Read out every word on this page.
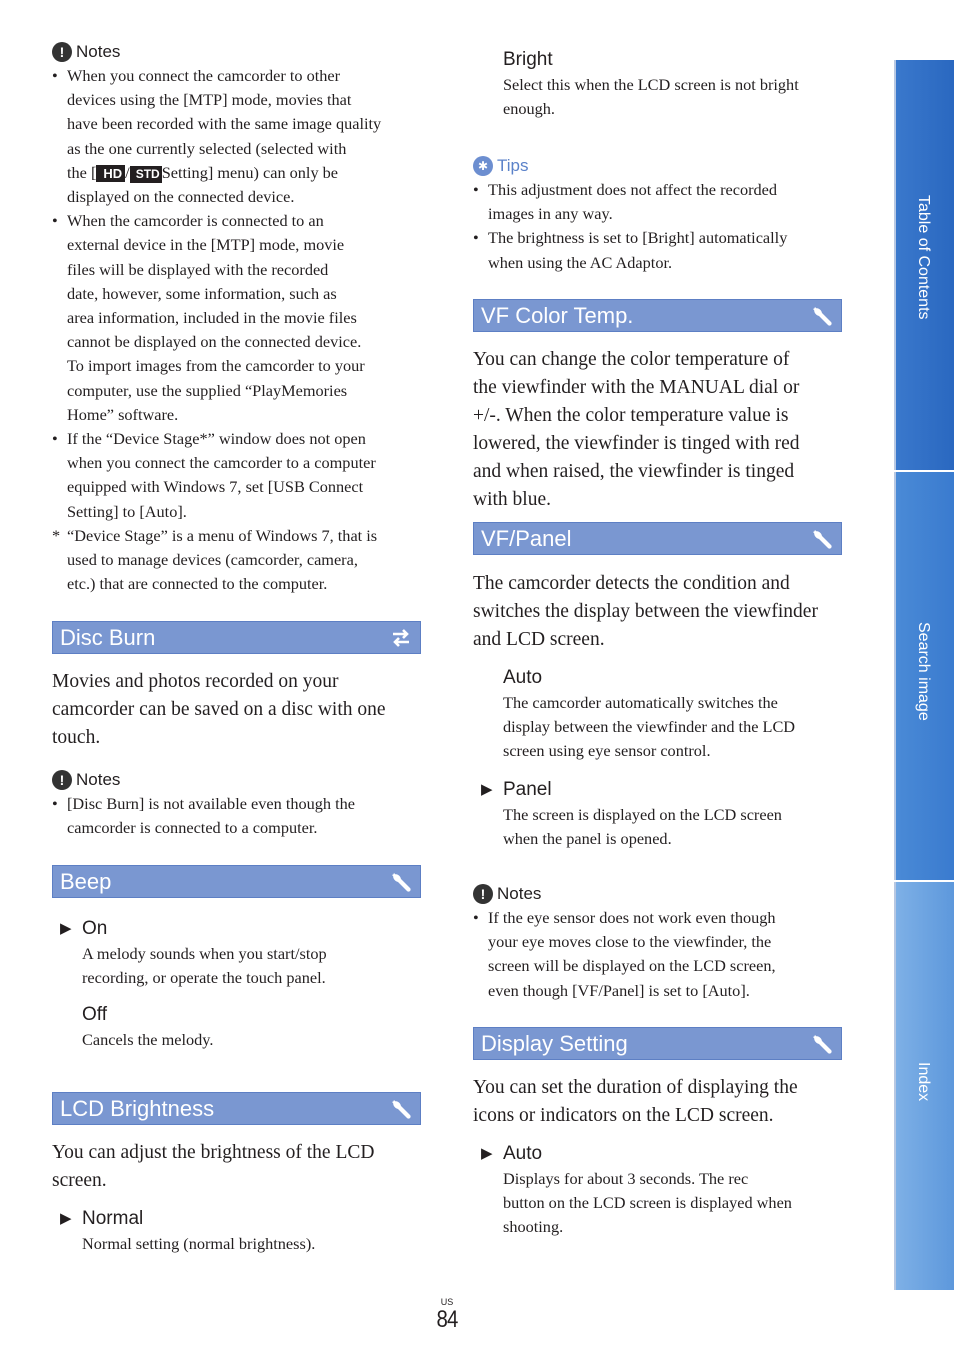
! Notes
• When you connect the camcorder to other
devices using the [MTP] mode, movies that
have been recorded with the same image quality
as the one currently selected (selected with
the [ HD / STD Setting] menu) can only be
displayed on the connected device.
• When the camcorder is connected to an
external device in the [MTP] mode, movie
files will be displayed with the recorded
date, however, some information, such as
area information, included in the movie files
cannot be displayed on the connected device.
To import images from the camcorder to your
computer, use the supplied “PlayMemories
Home” software.
• If the “Device Stage*” window does not open
when you connect the camcorder to a computer
equipped with Windows 7, set [USB Connect
Setting] to [Auto].
* “Device Stage” is a menu of Windows 7, that is
used to manage devices (camcorder, camera,
etc.) that are connected to the computer.
Disc Burn
Movies and photos recorded on your
camcorder can be saved on a disc with one
touch.
! Notes
• [Disc Burn] is not available even though the
camcorder is connected to a computer.
Beep
▶ On
A melody sounds when you start/stop
recording, or operate the touch panel.
Off
Cancels the melody.
LCD Brightness
You can adjust the brightness of the LCD
screen.
▶ Normal
Normal setting (normal brightness).
Bright
Select this when the LCD screen is not bright
enough.
✱ Tips
• This adjustment does not affect the recorded
images in any way.
• The brightness is set to [Bright] automatically
when using the AC Adaptor.
VF Color Temp.
You can change the color temperature of
the viewfinder with the MANUAL dial or
+/-. When the color temperature value is
lowered, the viewfinder is tinged with red
and when raised, the viewfinder is tinged
with blue.
VF/Panel
The camcorder detects the condition and
switches the display between the viewfinder
and LCD screen.
Auto
The camcorder automatically switches the
display between the viewfinder and the LCD
screen using eye sensor control.
▶ Panel
The screen is displayed on the LCD screen
when the panel is opened.
! Notes
• If the eye sensor does not work even though
your eye moves close to the viewfinder, the
screen will be displayed on the LCD screen,
even though [VF/Panel] is set to [Auto].
Display Setting
You can set the duration of displaying the
icons or indicators on the LCD screen.
▶ Auto
Displays for about 3 seconds. The rec
button on the LCD screen is displayed when
shooting.
Table of Contents
Search image
Index
US
84
